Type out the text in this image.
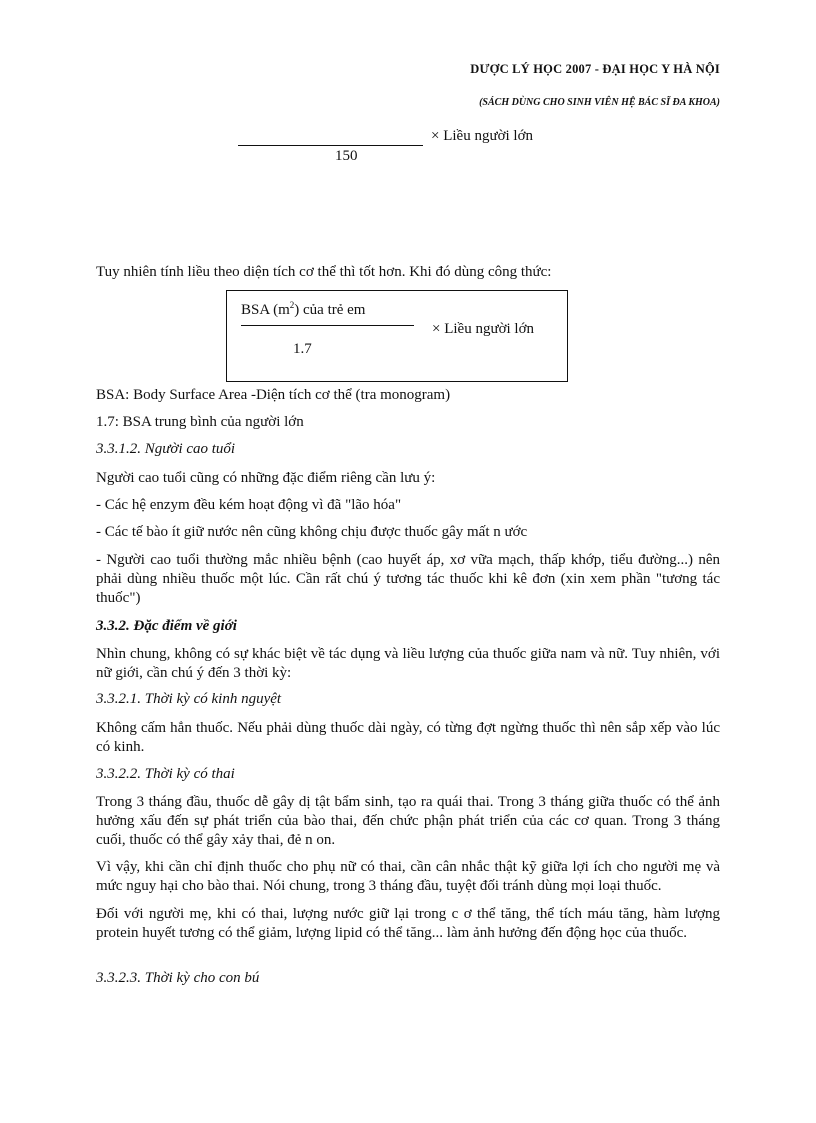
DƯỢC LÝ HỌC 2007 - ĐẠI HỌC Y HÀ NỘI
(SÁCH DÙNG CHO SINH VIÊN HỆ BÁC SĨ ĐA KHOA)
× Liều người lớn
150
Tuy nhiên tính liều theo diện tích cơ thể thì tốt hơn. Khi đó dùng công thức:
BSA $(m^2)$ của trẻ em
× Liều người lớn
1.7
BSA: Body Surface Area -Diện tích cơ thể (tra monogram)
1.7: BSA trung bình của người lớn
3.3.1.2. Người cao tuổi
Người cao tuổi cũng có những đặc điểm riêng cần lưu ý:
- Các hệ enzym đều kém hoạt động vì đã "lão hóa"
- Các tế bào ít giữ nước nên cũng không chịu được thuốc gây mất n ước
- Người cao tuổi thường mắc nhiều bệnh (cao huyết áp, xơ vữa mạch, thấp khớp, tiểu đường...) nên phải dùng nhiều thuốc một lúc. Cần rất chú ý tương tác thuốc khi kê đơn (xin xem phần "tương tác thuốc")
3.3.2. Đặc điểm về giới
Nhìn chung, không có sự khác biệt về tác dụng và liều lượng của thuốc giữa nam và nữ. Tuy nhiên, với nữ giới, cần chú ý đến 3 thời kỳ:
3.3.2.1. Thời kỳ có kinh nguyệt
Không cấm hẳn thuốc. Nếu phải dùng thuốc dài ngày, có từng đợt ngừng thuốc thì nên sắp xếp vào lúc có kinh.
3.3.2.2. Thời kỳ có thai
Trong 3 tháng đầu, thuốc dễ gây dị tật bẩm sinh, tạo ra quái thai. Trong 3 tháng giữa thuốc có thể ảnh hưởng xấu đến sự phát triển của bào thai, đến chức phận phát triển của các cơ quan. Trong 3 tháng cuối, thuốc có thể gây xảy thai, đẻ n on.
Vì vậy, khi cần chỉ định thuốc cho phụ nữ có thai, cần cân nhắc thật kỹ giữa lợi ích cho người mẹ và mức nguy hại cho bào thai. Nói chung, trong 3 tháng đầu, tuyệt đối tránh dùng mọi loại thuốc.
Đối với người mẹ, khi có thai, lượng nước giữ lại trong c ơ thể tăng, thể tích máu tăng, hàm lượng protein huyết tương có thể giảm, lượng lipid có thể tăng... làm ảnh hưởng đến động học của thuốc.
3.3.2.3. Thời kỳ cho con bú
